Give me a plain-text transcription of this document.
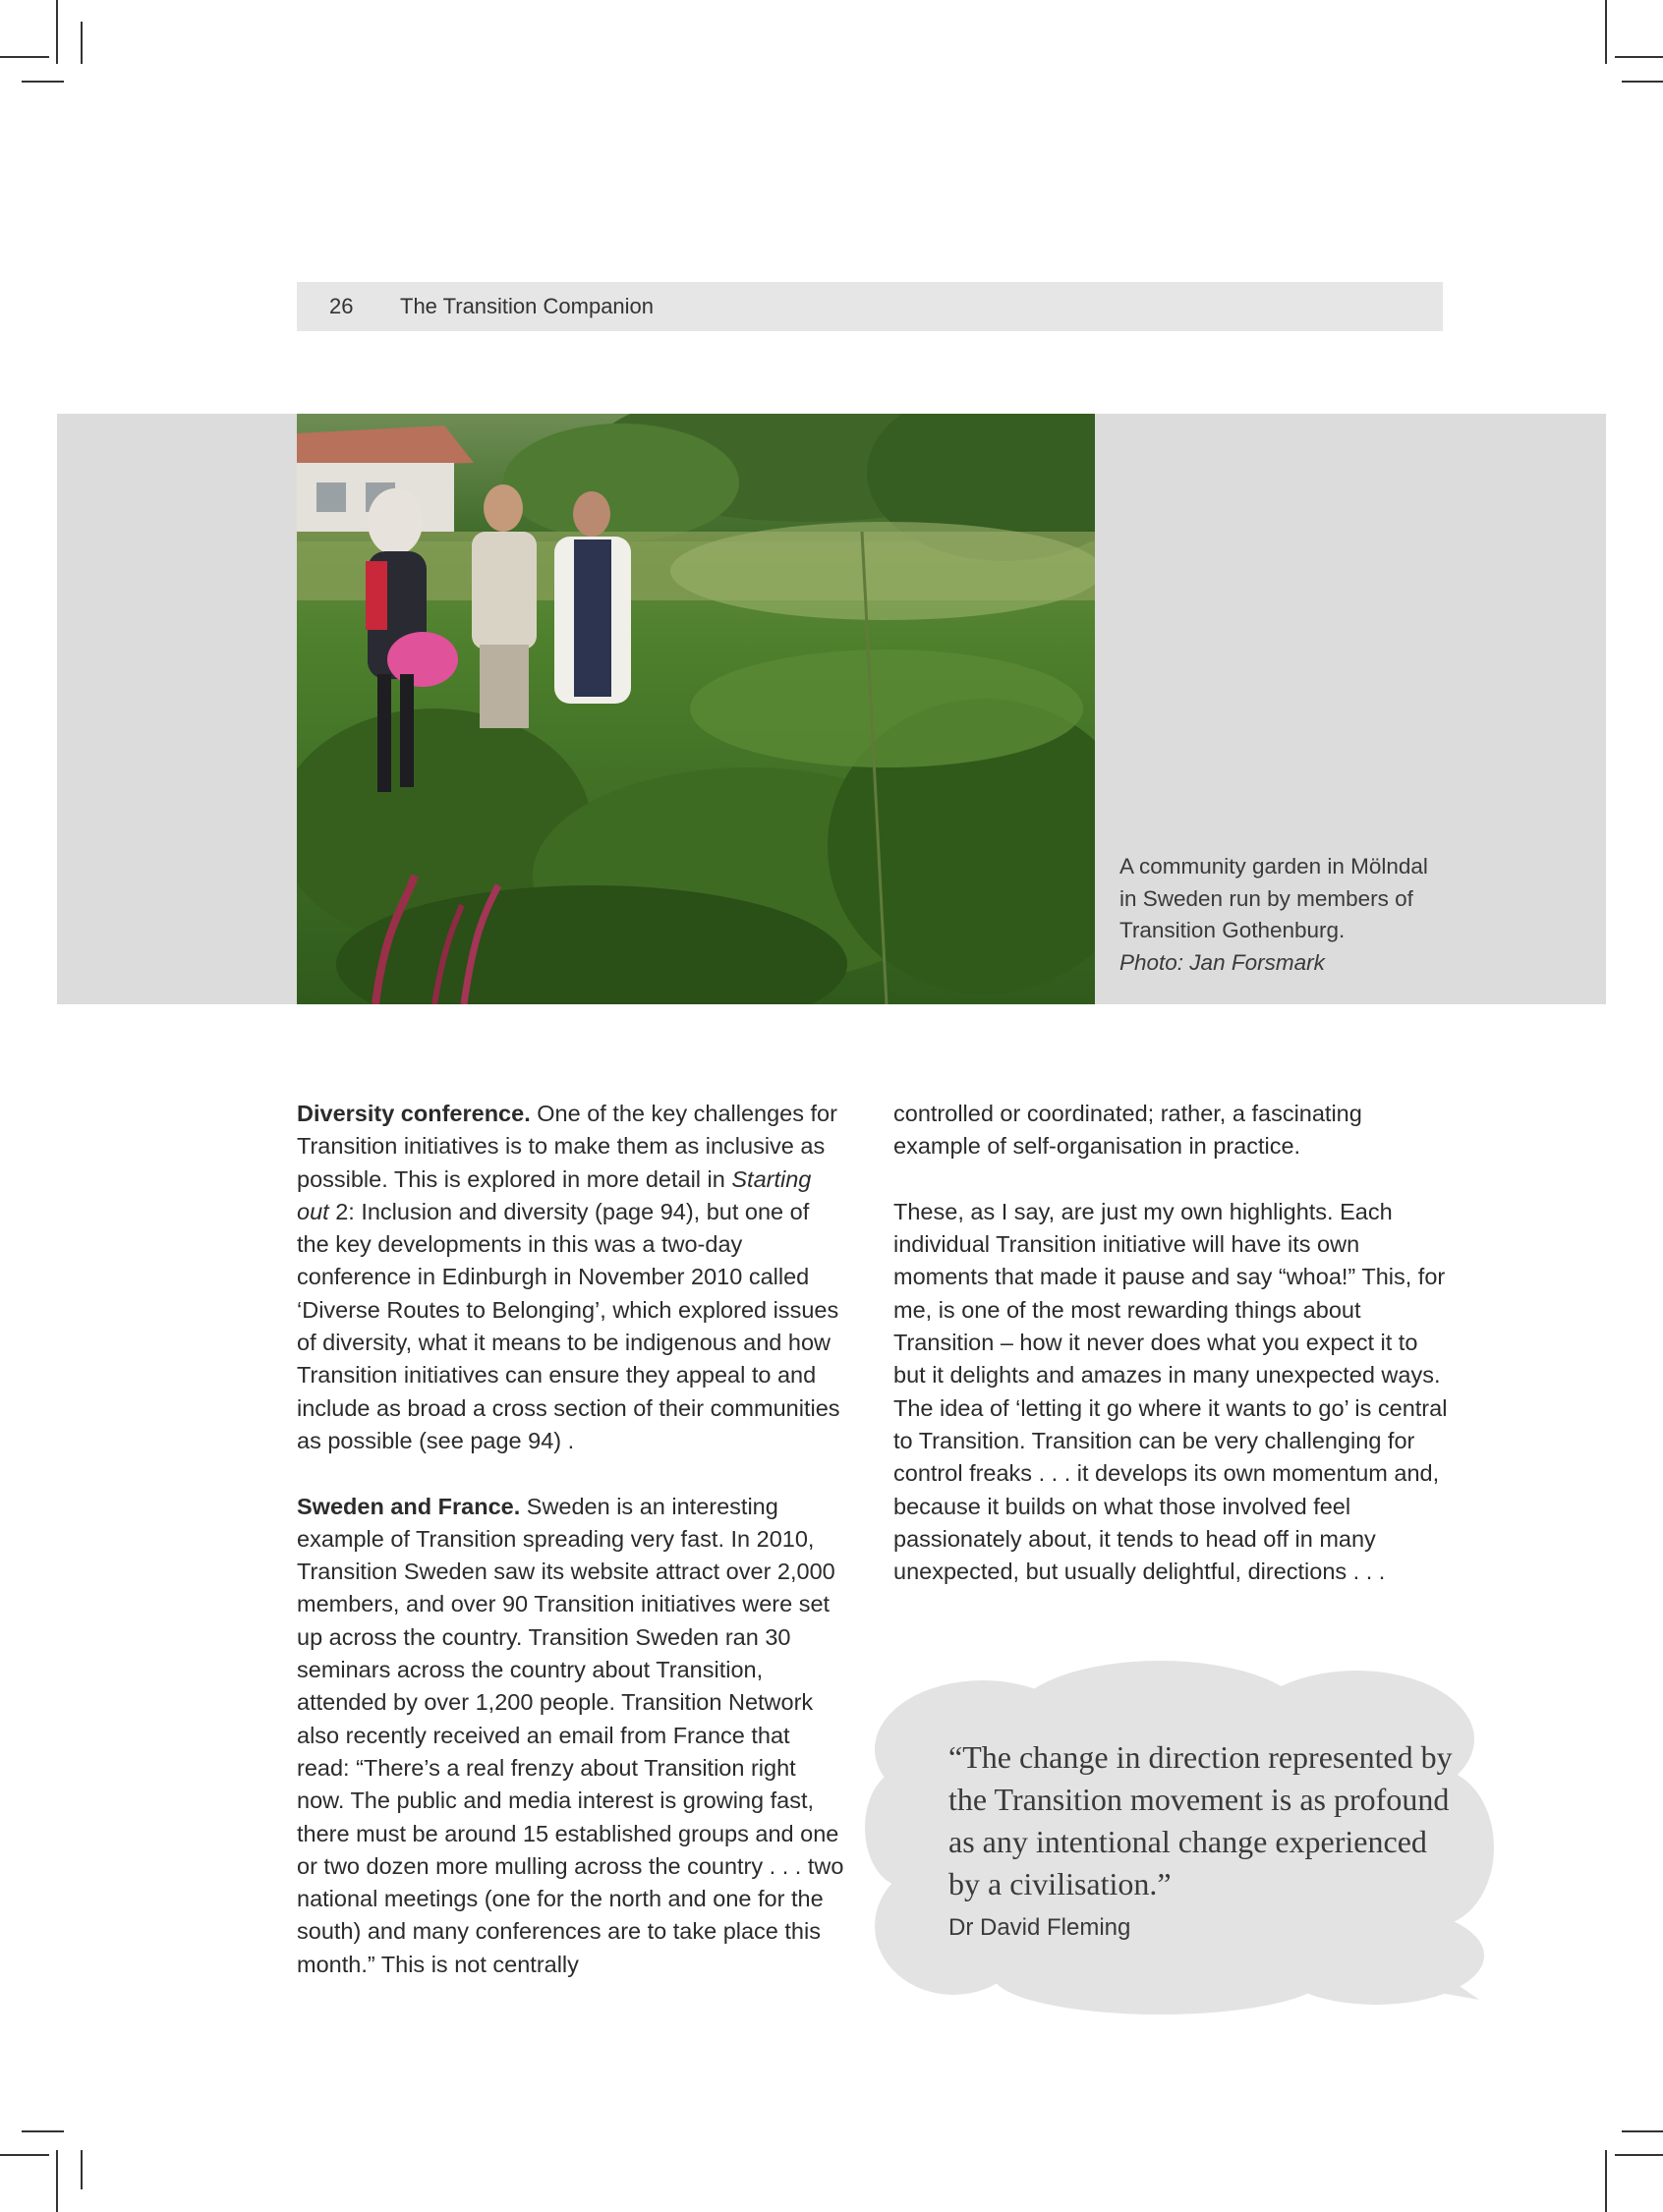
26	The Transition Companion
A community garden in Mölndal
in Sweden run by members of
Transition Gothenburg.
Photo: Jan Forsmark

Diversity conference. One of the key challenges for Transition initiatives is to make them as inclusive as possible. This is explored in more detail in Starting out 2: Inclusion and diversity (page 94), but one of the key developments in this was a two-day conference in Edinburgh in November 2010 called ‘Diverse Routes to Belonging’, which explored issues of diversity, what it means to be indigenous and how Transition initiatives can ensure they appeal to and include as broad a cross section of their communities as possible (see page 94) .

Sweden and France. Sweden is an interesting example of Transition spreading very fast. In 2010, Transition Sweden saw its website attract over 2,000 members, and over 90 Transition initiatives were set up across the country. Transition Sweden ran 30 seminars across the country about Transition, attended by over 1,200 people. Transition Network also recently received an email from France that read: “There’s a real frenzy about Transition right now. The public and media interest is growing fast, there must be around 15 established groups and one or two dozen more mulling across the country . . . two national meetings (one for the north and one for the south) and many conferences are to take place this month.” This is not centrally

controlled or coordinated; rather, a fascinating example of self-organisation in practice.

These, as I say, are just my own highlights. Each individual Transition initiative will have its own moments that made it pause and say “whoa!” This, for me, is one of the most rewarding things about Transition – how it never does what you expect it to but it delights and amazes in many unexpected ways. The idea of ‘letting it go where it wants to go’ is central to Transition. Transition can be very challenging for control freaks . . . it develops its own momentum and, because it builds on what those involved feel passionately about, it tends to head off in many unexpected, but usually delightful, directions . . .

“The change in direction represented by the Transition movement is as profound as any intentional change experienced by a civilisation.”
Dr David Fleming
